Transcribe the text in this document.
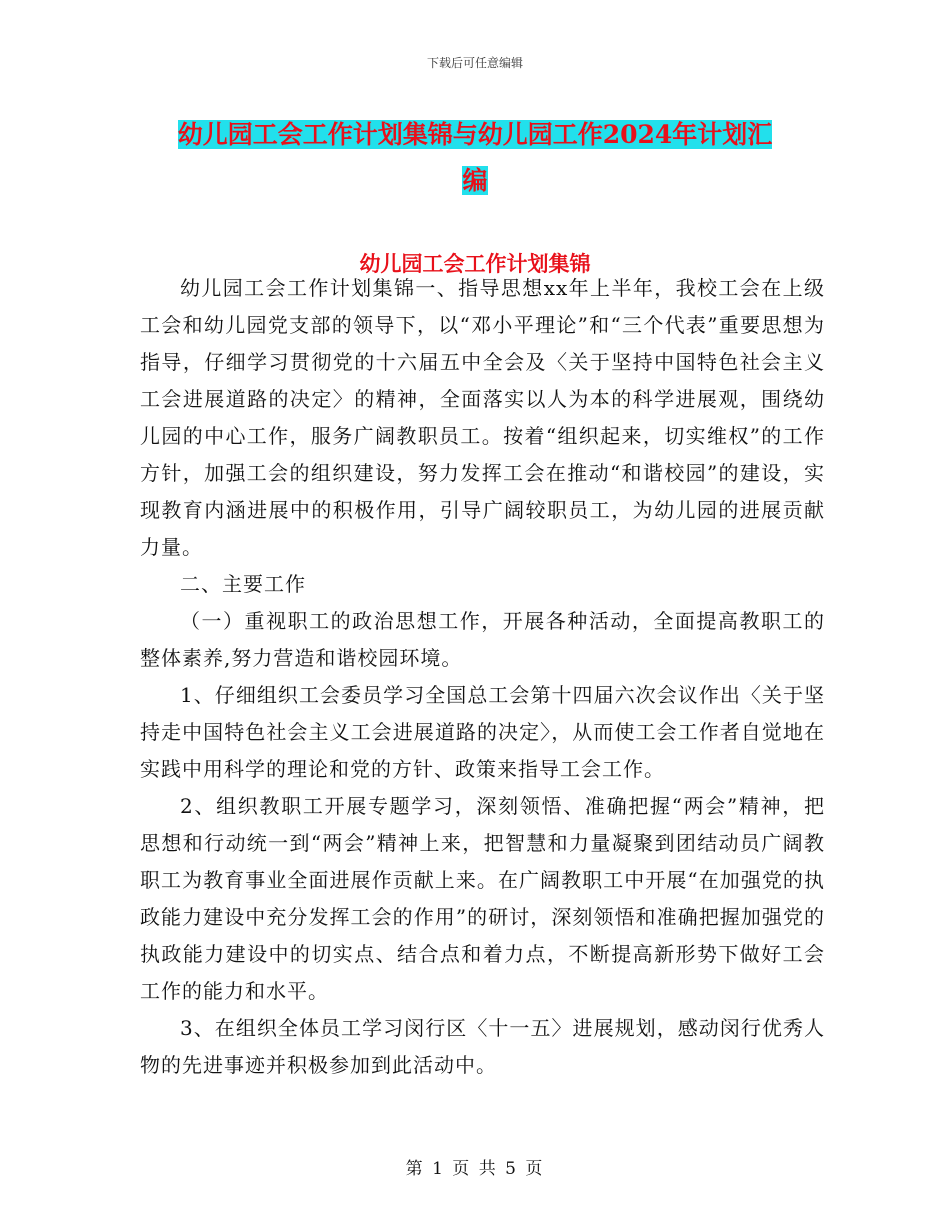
下载后可任意编辑
幼儿园工会工作计划集锦与幼儿园工作2024年计划汇
编
幼儿园工会工作计划集锦

幼儿园工会工作计划集锦一、指导思想xx年上半年，我校工会在上级工会和幼儿园党支部的领导下，以“邓小平理论”和“三个代表”重要思想为指导，仔细学习贯彻党的十六届五中全会及〈关于坚持中国特色社会主义工会进展道路的决定〉的精神，全面落实以人为本的科学进展观，围绕幼儿园的中心工作，服务广阔教职员工。按着“组织起来，切实维权”的工作方针，加强工会的组织建设，努力发挥工会在推动“和谐校园”的建设，实现教育内涵进展中的积极作用，引导广阔较职员工，为幼儿园的进展贡献力量。

二、主要工作

（一）重视职工的政治思想工作，开展各种活动，全面提高教职工的整体素养,努力营造和谐校园环境。

1、仔细组织工会委员学习全国总工会第十四届六次会议作出〈关于坚持走中国特色社会主义工会进展道路的决定〉，从而使工会工作者自觉地在实践中用科学的理论和党的方针、政策来指导工会工作。

2、组织教职工开展专题学习，深刻领悟、准确把握“两会”精神，把思想和行动统一到“两会”精神上来，把智慧和力量凝聚到团结动员广阔教职工为教育事业全面进展作贡献上来。在广阔教职工中开展“在加强党的执政能力建设中充分发挥工会的作用”的研讨，深刻领悟和准确把握加强党的执政能力建设中的切实点、结合点和着力点，不断提高新形势下做好工会工作的能力和水平。

3、在组织全体员工学习闵行区〈十一五〉进展规划，感动闵行优秀人物的先进事迹并积极参加到此活动中。

第 1 页 共 5 页
